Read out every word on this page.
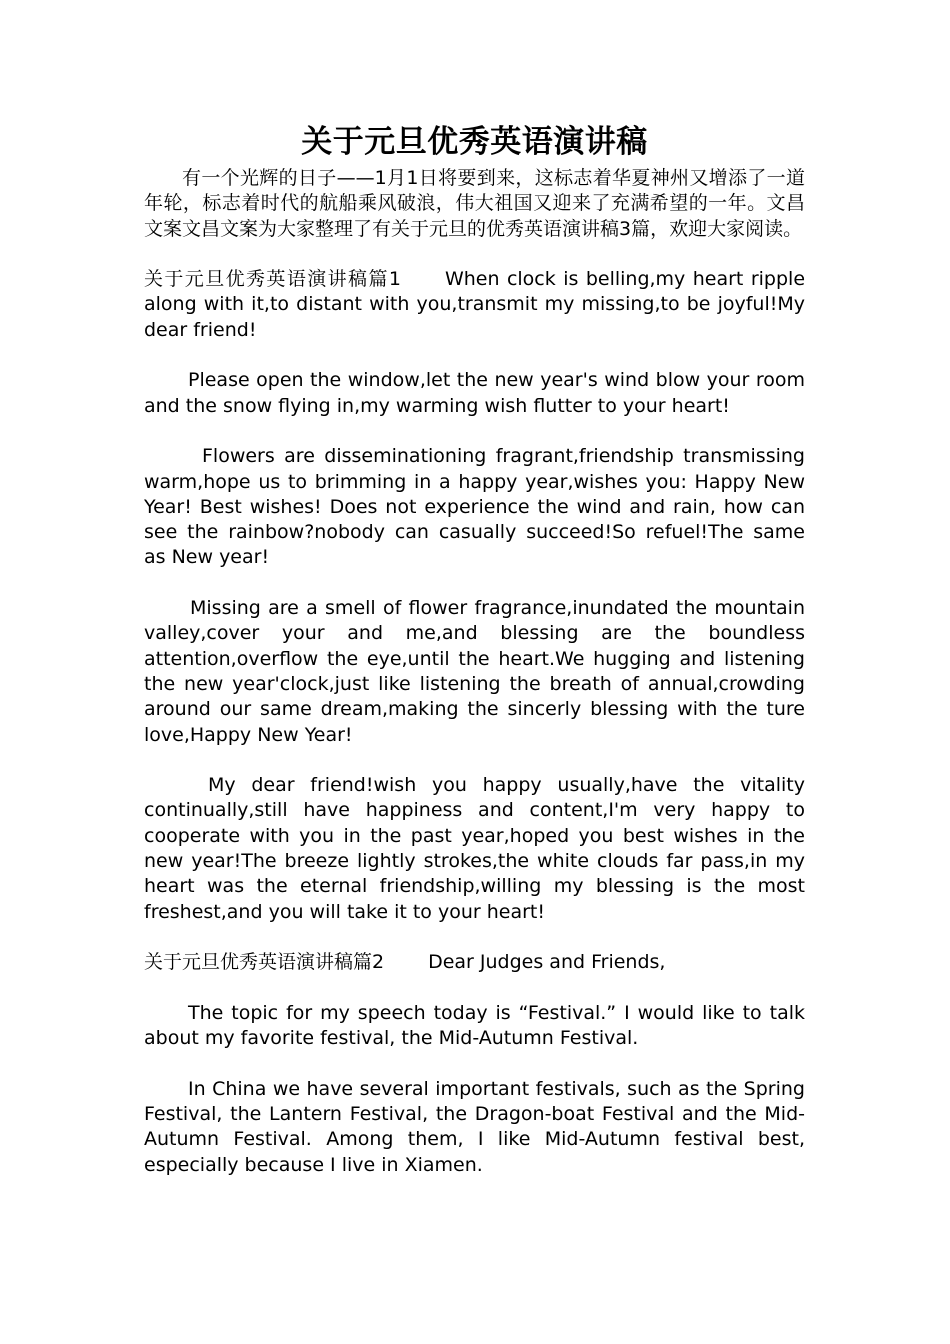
关于元旦优秀英语演讲稿

有一个光辉的日子——1月1日将要到来，这标志着华夏神州又增添了一道年轮，标志着时代的航船乘风破浪，伟大祖国又迎来了充满希望的一年。文昌文案文昌文案为大家整理了有关于元旦的优秀英语演讲稿3篇，欢迎大家阅读。

关于元旦优秀英语演讲稿篇1 When clock is belling,my heart ripple along with it,to distant with you,transmit my missing,to be joyful!My dear friend!

Please open the window,let the new year's wind blow your room and the snow flying in,my warming wish flutter to your heart!

Flowers are disseminationing fragrant,friendship transmissing warm,hope us to brimming in a happy year,wishes you: Happy New Year! Best wishes! Does not experience the wind and rain, how can see the rainbow?nobody can casually succeed!So refuel!The same as New year!

Missing are a smell of flower fragrance,inundated the mountain valley,cover your and me,and blessing are the boundless attention,overflow the eye,until the heart.We hugging and listening the new year'clock,just like listening the breath of annual,crowding around our same dream,making the sincerly blessing with the ture love,Happy New Year!

My dear friend!wish you happy usually,have the vitality continually,still have happiness and content,I'm very happy to cooperate with you in the past year,hoped you best wishes in the new year!The breeze lightly strokes,the white clouds far pass,in my heart was the eternal friendship,willing my blessing is the most freshest,and you will take it to your heart!

关于元旦优秀英语演讲稿篇2 Dear Judges and Friends,

The topic for my speech today is “Festival.” I would like to talk about my favorite festival, the Mid-Autumn Festival.

In China we have several important festivals, such as the Spring Festival, the Lantern Festival, the Dragon-boat Festival and the Mid-Autumn Festival. Among them, I like Mid-Autumn festival best, especially because I live in Xiamen.
